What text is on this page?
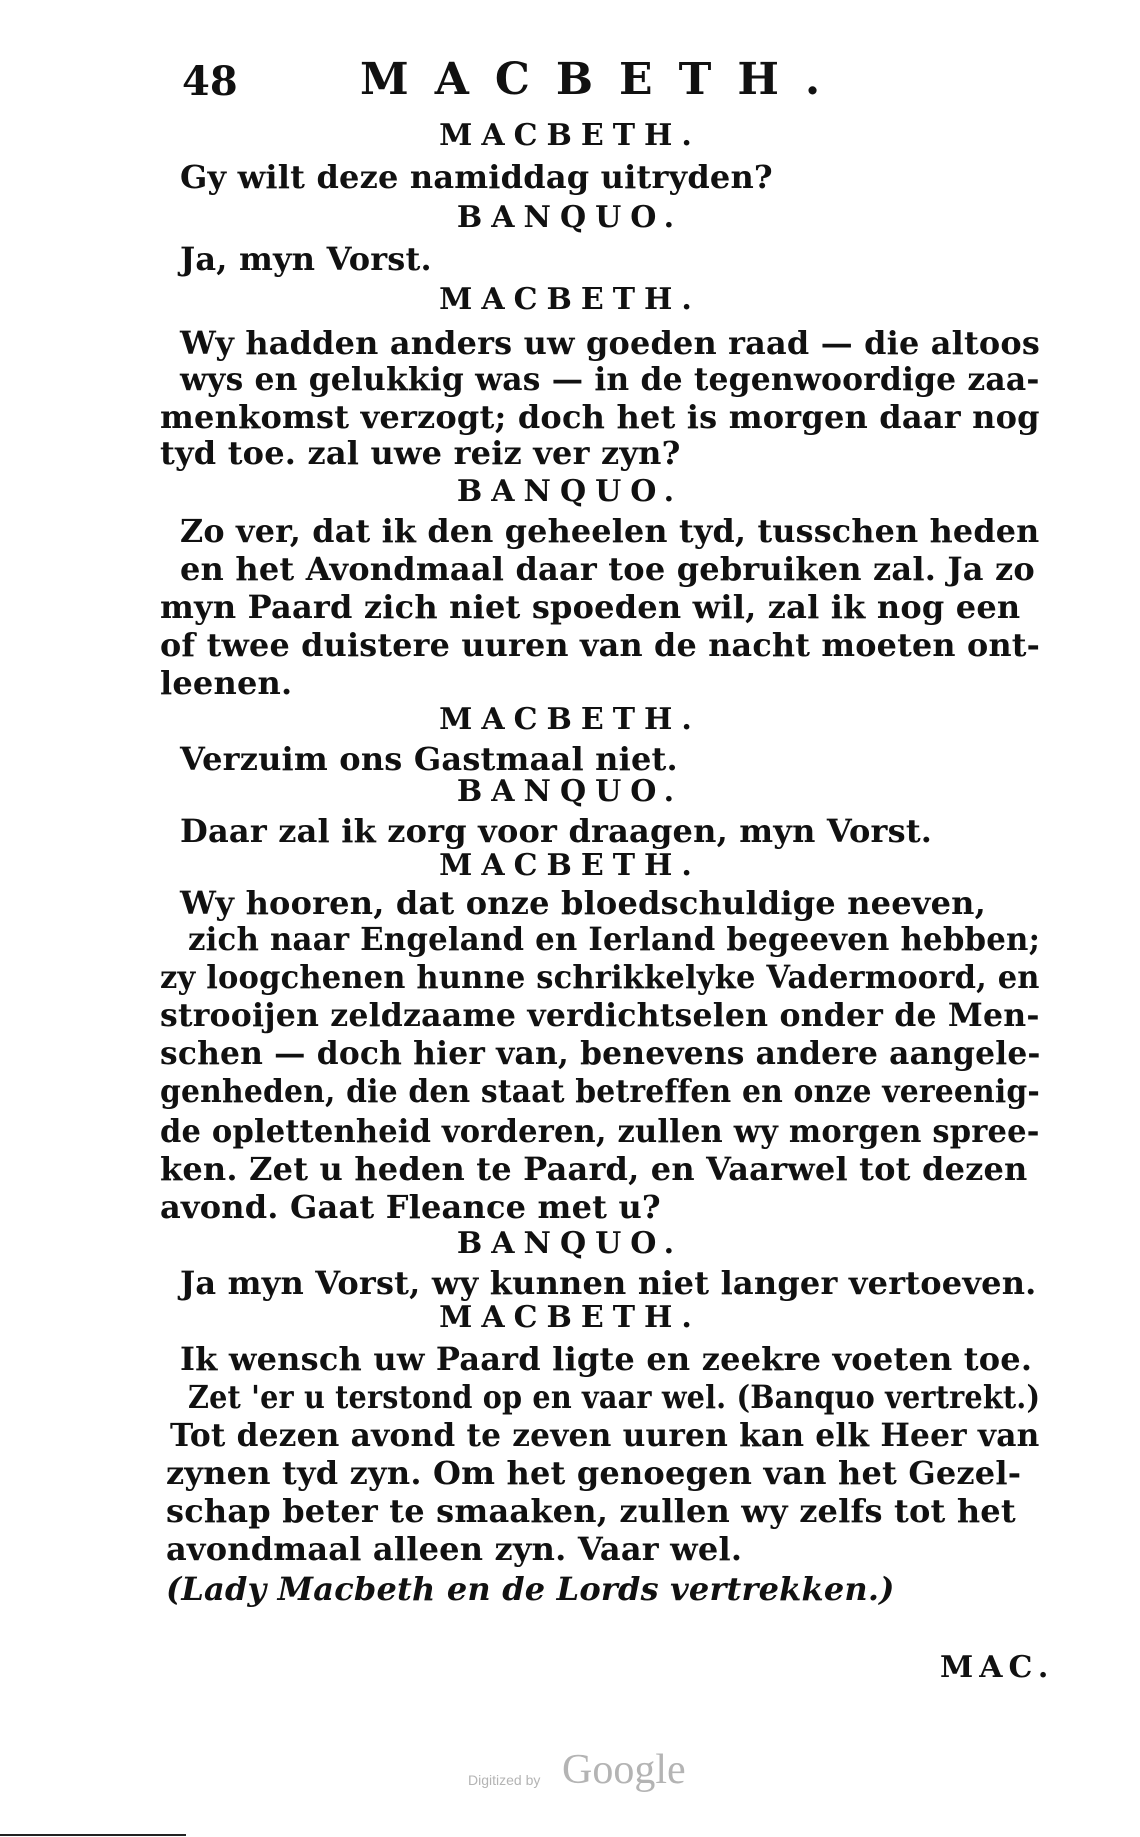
48	MACBETH.
MACBETH.
Gy wilt deze namiddag uitryden?
BANQUO.
Ja, myn Vorst.
MACBETH.
Wy hadden anders uw goeden raad — die altoos
wys en gelukkig was — in de tegenwoordige zaa-
menkomst verzogt; doch het is morgen daar nog
tyd toe. zal uwe reiz ver zyn?
BANQUO.
Zo ver, dat ik den geheelen tyd, tusschen heden
en het Avondmaal daar toe gebruiken zal. Ja zo
myn Paard zich niet spoeden wil, zal ik nog een
of twee duistere uuren van de nacht moeten ont-
leenen.
MACBETH.
Verzuim ons Gastmaal niet.
BANQUO.
Daar zal ik zorg voor draagen, myn Vorst.
MACBETH.
Wy hooren, dat onze bloedschuldige neeven,
zich naar Engeland en Ierland begeeven hebben;
zy loogchenen hunne schrikkelyke Vadermoord, en
strooijen zeldzaame verdichtselen onder de Men-
schen — doch hier van, benevens andere aangele-
genheden, die den staat betreffen en onze vereenig-
de oplettenheid vorderen, zullen wy morgen spree-
ken. Zet u heden te Paard, en Vaarwel tot dezen
avond. Gaat Fleance met u?
BANQUO.
Ja myn Vorst, wy kunnen niet langer vertoeven.
MACBETH.
Ik wensch uw Paard ligte en zeekre voeten toe.
Zet 'er u terstond op en vaar wel. (Banquo vertrekt.)
Tot dezen avond te zeven uuren kan elk Heer van
zynen tyd zyn. Om het genoegen van het Gezel-
schap beter te smaaken, zullen wy zelfs tot het
avondmaal alleen zyn. Vaar wel.
(Lady Macbeth en de Lords vertrekken.)
MAC.
Digitized by Google
